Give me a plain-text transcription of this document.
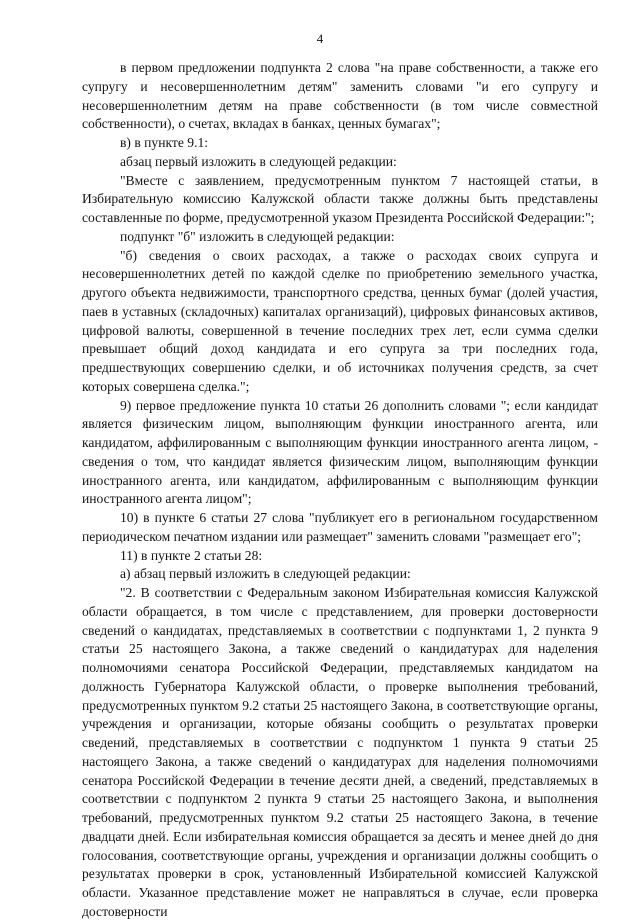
4

в первом предложении подпункта 2 слова "на праве собственности, а также его супругу и несовершеннолетним детям" заменить словами "и его супругу и несовершеннолетним детям на праве собственности (в том числе совместной собственности), о счетах, вкладах в банках, ценных бумагах";

в) в пункте 9.1:

абзац первый изложить в следующей редакции:

"Вместе с заявлением, предусмотренным пунктом 7 настоящей статьи, в Избирательную комиссию Калужской области также должны быть представлены составленные по форме, предусмотренной указом Президента Российской Федерации:";

подпункт "б" изложить в следующей редакции:

"б) сведения о своих расходах, а также о расходах своих супруга и несовершеннолетних детей по каждой сделке по приобретению земельного участка, другого объекта недвижимости, транспортного средства, ценных бумаг (долей участия, паев в уставных (складочных) капиталах организаций), цифровых финансовых активов, цифровой валюты, совершенной в течение последних трех лет, если сумма сделки превышает общий доход кандидата и его супруга за три последних года, предшествующих совершению сделки, и об источниках получения средств, за счет которых совершена сделка.";

9) первое предложение пункта 10 статьи 26 дополнить словами "; если кандидат является физическим лицом, выполняющим функции иностранного агента, или кандидатом, аффилированным с выполняющим функции иностранного агента лицом, - сведения о том, что кандидат является физическим лицом, выполняющим функции иностранного агента, или кандидатом, аффилированным с выполняющим функции иностранного агента лицом";

10) в пункте 6 статьи 27 слова "публикует его в региональном государственном периодическом печатном издании или размещает" заменить словами "размещает его";

11) в пункте 2 статьи 28:

а) абзац первый изложить в следующей редакции:

"2. В соответствии с Федеральным законом Избирательная комиссия Калужской области обращается, в том числе с представлением, для проверки достоверности сведений о кандидатах, представляемых в соответствии с подпунктами 1, 2 пункта 9 статьи 25 настоящего Закона, а также сведений о кандидатурах для наделения полномочиями сенатора Российской Федерации, представляемых кандидатом на должность Губернатора Калужской области, о проверке выполнения требований, предусмотренных пунктом 9.2 статьи 25 настоящего Закона, в соответствующие органы, учреждения и организации, которые обязаны сообщить о результатах проверки сведений, представляемых в соответствии с подпунктом 1 пункта 9 статьи 25 настоящего Закона, а также сведений о кандидатурах для наделения полномочиями сенатора Российской Федерации в течение десяти дней, а сведений, представляемых в соответствии с подпунктом 2 пункта 9 статьи 25 настоящего Закона, и выполнения требований, предусмотренных пунктом 9.2 статьи 25 настоящего Закона, в течение двадцати дней. Если избирательная комиссия обращается за десять и менее дней до дня голосования, соответствующие органы, учреждения и организации должны сообщить о результатах проверки в срок, установленный Избирательной комиссией Калужской области. Указанное представление может не направляться в случае, если проверка достоверности
